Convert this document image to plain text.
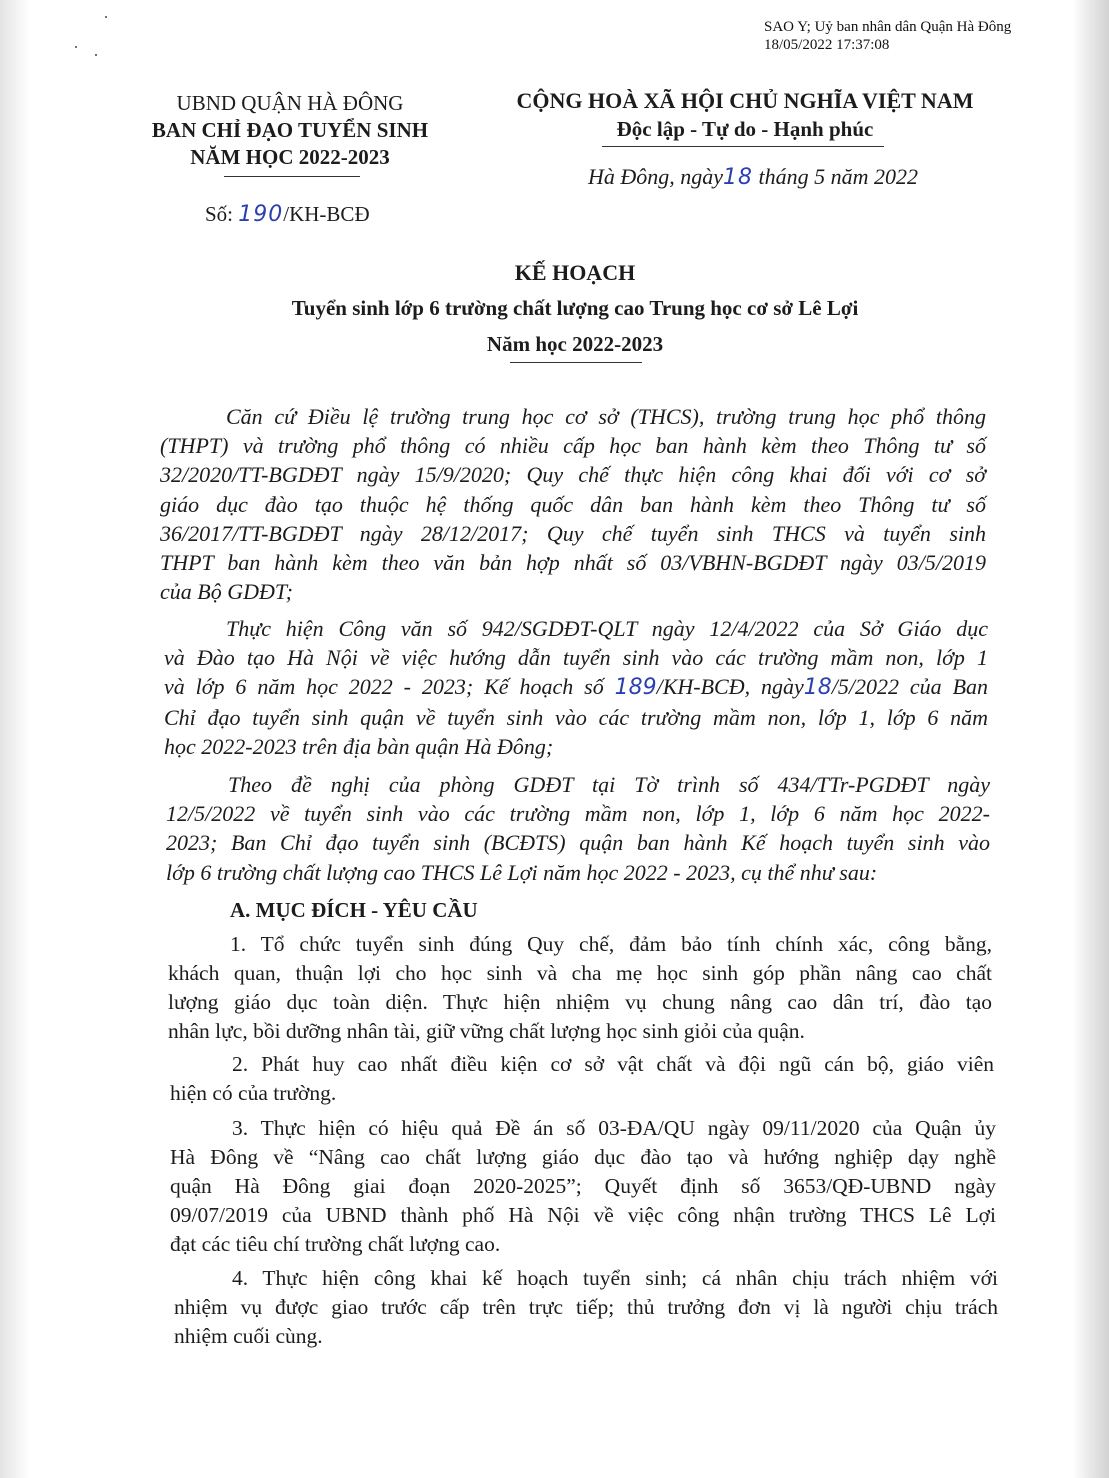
SAO Y; Uỷ ban nhân dân Quận Hà Đông
18/05/2022 17:37:08
UBND QUẬN HÀ ĐÔNG
BAN CHỈ ĐẠO TUYỂN SINH
NĂM HỌC 2022-2023
Số: 190/KH-BCĐ
CỘNG HOÀ XÃ HỘI CHỦ NGHĨA VIỆT NAM
Độc lập - Tự do - Hạnh phúc
Hà Đông, ngày18 tháng 5 năm 2022
KẾ HOẠCH
Tuyển sinh lớp 6 trường chất lượng cao Trung học cơ sở Lê Lợi
Năm học 2022-2023
Căn cứ Điều lệ trường trung học cơ sở (THCS), trường trung học phổ thông
(THPT) và trường phổ thông có nhiều cấp học ban hành kèm theo Thông tư số
32/2020/TT-BGDĐT ngày 15/9/2020; Quy chế thực hiện công khai đối với cơ sở
giáo dục đào tạo thuộc hệ thống quốc dân ban hành kèm theo Thông tư số
36/2017/TT-BGDĐT ngày 28/12/2017; Quy chế tuyển sinh THCS và tuyển sinh
THPT ban hành kèm theo văn bản hợp nhất số 03/VBHN-BGDĐT ngày 03/5/2019
của Bộ GDĐT;
Thực hiện Công văn số 942/SGDĐT-QLT ngày 12/4/2022 của Sở Giáo dục
và Đào tạo Hà Nội về việc hướng dẫn tuyển sinh vào các trường mầm non, lớp 1
và lớp 6 năm học 2022 - 2023; Kế hoạch số 189/KH-BCĐ, ngày18/5/2022 của Ban
Chỉ đạo tuyển sinh quận về tuyển sinh vào các trường mầm non, lớp 1, lớp 6 năm
học 2022-2023 trên địa bàn quận Hà Đông;
Theo đề nghị của phòng GDĐT tại Tờ trình số 434/TTr-PGDĐT ngày
12/5/2022 về tuyển sinh vào các trường mầm non, lớp 1, lớp 6 năm học 2022-
2023; Ban Chỉ đạo tuyển sinh (BCĐTS) quận ban hành Kế hoạch tuyển sinh vào
lớp 6 trường chất lượng cao THCS Lê Lợi năm học 2022 - 2023, cụ thể như sau:
A. MỤC ĐÍCH - YÊU CẦU
1. Tổ chức tuyển sinh đúng Quy chế, đảm bảo tính chính xác, công bằng,
khách quan, thuận lợi cho học sinh và cha mẹ học sinh góp phần nâng cao chất
lượng giáo dục toàn diện. Thực hiện nhiệm vụ chung nâng cao dân trí, đào tạo
nhân lực, bồi dưỡng nhân tài, giữ vững chất lượng học sinh giỏi của quận.
2. Phát huy cao nhất điều kiện cơ sở vật chất và đội ngũ cán bộ, giáo viên
hiện có của trường.
3. Thực hiện có hiệu quả Đề án số 03-ĐA/QU ngày 09/11/2020 của Quận ủy
Hà Đông về “Nâng cao chất lượng giáo dục đào tạo và hướng nghiệp dạy nghề
quận Hà Đông giai đoạn 2020-2025”; Quyết định số 3653/QĐ-UBND ngày
09/07/2019 của UBND thành phố Hà Nội về việc công nhận trường THCS Lê Lợi
đạt các tiêu chí trường chất lượng cao.
4. Thực hiện công khai kế hoạch tuyển sinh; cá nhân chịu trách nhiệm với
nhiệm vụ được giao trước cấp trên trực tiếp; thủ trưởng đơn vị là người chịu trách
nhiệm cuối cùng.
